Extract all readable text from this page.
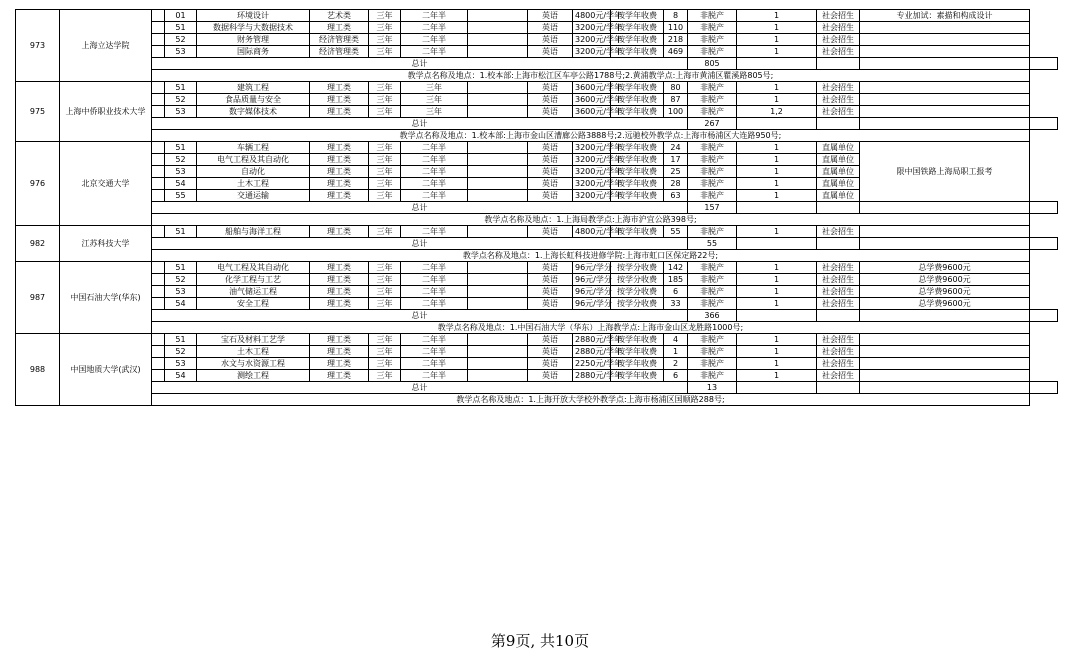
973	上海立达学院		01	环境设计	艺术类	三年	二年半		英语	4800元/学年	按学年收费	8	非脱产	1	社会招生	专业加试：素描和构成设计	
			51	数据科学与大数据技术	理工类	三年	二年半		英语	3200元/学年	按学年收费	110	非脱产	1	社会招生		
			52	财务管理	经济管理类	三年	二年半		英语	3200元/学年	按学年收费	218	非脱产	1	社会招生		
			53	国际商务	经济管理类	三年	二年半		英语	3200元/学年	按学年收费	469	非脱产	1	社会招生		
		总计											805				
		教学点名称及地点：1.校本部:上海市松江区车亭公路1788号;2.黄浦教学点:上海市黄浦区瞿溪路805号;															
975	上海中侨职业技术大学		51	建筑工程	理工类	三年	三年		英语	3600元/学年	按学年收费	80	非脱产	1	社会招生		
			52	食品质量与安全	理工类	三年	三年		英语	3600元/学年	按学年收费	87	非脱产	1	社会招生		
			53	数字媒体技术	理工类	三年	三年		英语	3600元/学年	按学年收费	100	非脱产	1,2	社会招生		
		总计											267				
		教学点名称及地点：1.校本部:上海市金山区漕廊公路3888号;2.远驰校外教学点:上海市杨浦区大连路950号;															
976	北京交通大学		51	车辆工程	理工类	三年	二年半		英语	3200元/学年	按学年收费	24	非脱产	1	直属单位	限中国铁路上海局职工报考	
			52	电气工程及其自动化	理工类	三年	二年半		英语	3200元/学年	按学年收费	17	非脱产	1	直属单位		
			53	自动化	理工类	三年	二年半		英语	3200元/学年	按学年收费	25	非脱产	1	直属单位		
			54	土木工程	理工类	三年	二年半		英语	3200元/学年	按学年收费	28	非脱产	1	直属单位		
			55	交通运输	理工类	三年	二年半		英语	3200元/学年	按学年收费	63	非脱产	1	直属单位		
		总计											157				
		教学点名称及地点：1.上海局教学点:上海市沪宜公路398号;															
982	江苏科技大学		51	船舶与海洋工程	理工类	三年	二年半		英语	4800元/学年	按学年收费	55	非脱产	1	社会招生		
		总计											55				
		教学点名称及地点：1.上海长虹科技进修学院:上海市虹口区保定路22号;															
987	中国石油大学(华东)		51	电气工程及其自动化	理工类	三年	二年半		英语	96元/学分	按学分收费	142	非脱产	1	社会招生	总学费9600元	
			52	化学工程与工艺	理工类	三年	二年半		英语	96元/学分	按学分收费	185	非脱产	1	社会招生	总学费9600元	
			53	油气储运工程	理工类	三年	二年半		英语	96元/学分	按学分收费	6	非脱产	1	社会招生	总学费9600元	
			54	安全工程	理工类	三年	二年半		英语	96元/学分	按学分收费	33	非脱产	1	社会招生	总学费9600元	
		总计											366				
		教学点名称及地点：1.中国石油大学（华东）上海教学点:上海市金山区龙胜路1000号;															
988	中国地质大学(武汉)		51	宝石及材料工艺学	理工类	三年	二年半		英语	2880元/学年	按学年收费	4	非脱产	1	社会招生		
			52	土木工程	理工类	三年	二年半		英语	2880元/学年	按学年收费	1	非脱产	1	社会招生		
			53	水文与水资源工程	理工类	三年	二年半		英语	2250元/学年	按学年收费	2	非脱产	1	社会招生		
			54	测绘工程	理工类	三年	二年半		英语	2880元/学年	按学年收费	6	非脱产	1	社会招生		
		总计											13				
		教学点名称及地点：1.上海开放大学校外教学点:上海市杨浦区国顺路288号;															
第9页, 共10页
